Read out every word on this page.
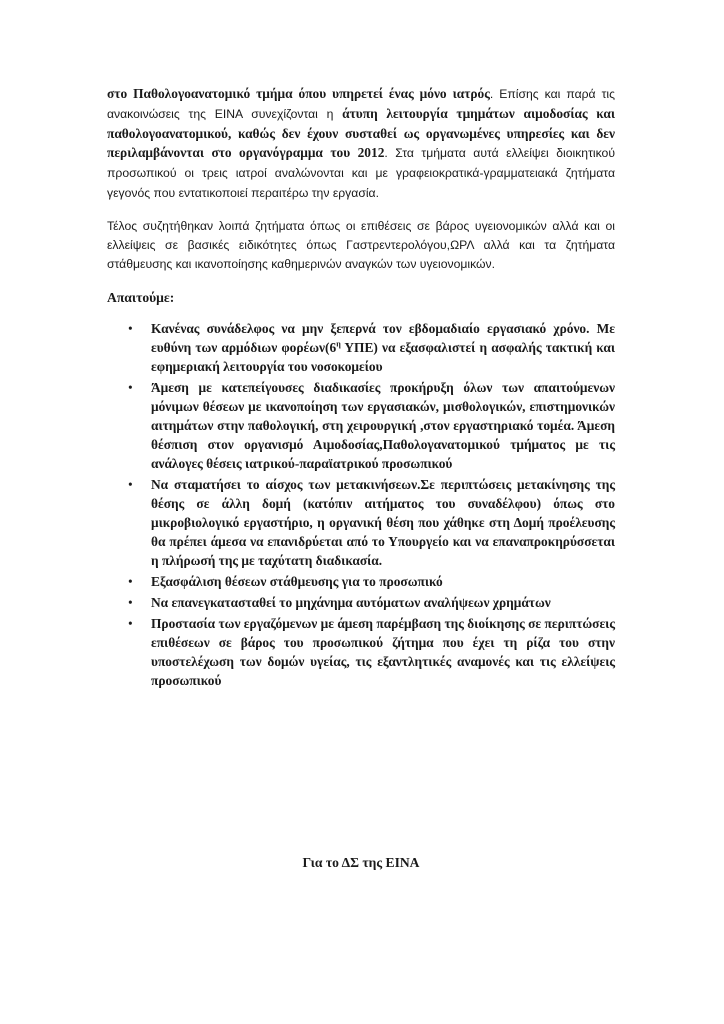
στο Παθολογοανατομικό τμήμα όπου υπηρετεί ένας μόνο ιατρός. Επίσης και παρά τις ανακοινώσεις της ΕΙΝΑ συνεχίζονται η άτυπη λειτουργία τμημάτων αιμοδοσίας και παθολογοανατομικού, καθώς δεν έχουν συσταθεί ως οργανωμένες υπηρεσίες και δεν περιλαμβάνονται στο οργανόγραμμα του 2012. Στα τμήματα αυτά ελλείψει διοικητικού προσωπικού οι τρεις ιατροί αναλώνονται και με γραφειοκρατικά-γραμματειακά ζητήματα γεγονός που εντατικοποιεί περαιτέρω την εργασία.

Τέλος συζητήθηκαν λοιπά ζητήματα όπως οι επιθέσεις σε βάρος υγειονομικών αλλά και οι ελλείψεις σε βασικές ειδικότητες όπως Γαστρεντερολόγου,ΩΡΛ αλλά και τα ζητήματα στάθμευσης και ικανοποίησης καθημερινών αναγκών των υγειονομικών.

Απαιτούμε:

• Κανένας συνάδελφος να μην ξεπερνά τον εβδομαδιαίο εργασιακό χρόνο. Με ευθύνη των αρμόδιων $\varphi o\rho έ\omega\nu(6^\eta$ ΥΠΕ) να εξασφαλιστεί η ασφαλής τακτική και εφημεριακή λειτουργία του νοσοκομείου
• Άμεση με κατεπείγουσες διαδικασίες προκήρυξη όλων των απαιτούμενων μόνιμων θέσεων με ικανοποίηση των εργασιακών, μισθολογικών, επιστημονικών αιτημάτων στην παθολογική, στη χειρουργική ,στον εργαστηριακό τομέα. Άμεση θέσπιση στον οργανισμό Αιμοδοσίας,Παθολογανατομικού τμήματος με τις ανάλογες θέσεις ιατρικού-παραϊατρικού προσωπικού
• Να σταματήσει το αίσχος των μετακινήσεων.Σε περιπτώσεις μετακίνησης της θέσης σε άλλη δομή (κατόπιν αιτήματος του συναδέλφου) όπως στο μικροβιολογικό εργαστήριο, η οργανική θέση που χάθηκε στη Δομή προέλευσης θα πρέπει άμεσα να επανιδρύεται από το Υπουργείο και να επαναπροκηρύσσεται η πλήρωσή της με ταχύτατη διαδικασία.
• Εξασφάλιση θέσεων στάθμευσης για το προσωπικό
• Να επανεγκατασταθεί το μηχάνημα αυτόματων αναλήψεων χρημάτων
• Προστασία των εργαζόμενων με άμεση παρέμβαση της διοίκησης σε περιπτώσεις επιθέσεων σε βάρος του προσωπικού ζήτημα που έχει τη ρίζα του στην υποστελέχωση των δομών υγείας, τις εξαντλητικές αναμονές και τις ελλείψεις προσωπικού

Για το ΔΣ της ΕΙΝΑ
